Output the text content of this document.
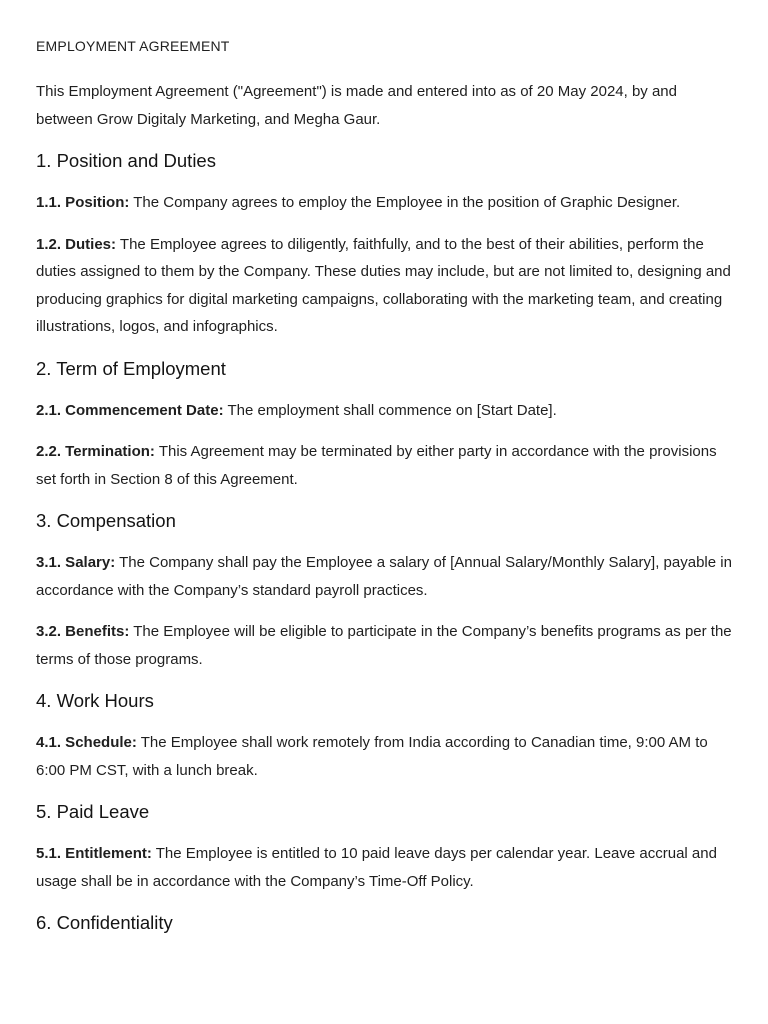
EMPLOYMENT AGREEMENT

This Employment Agreement ("Agreement") is made and entered into as of 20 May 2024, by and between Grow Digitaly Marketing, and Megha Gaur.

1. Position and Duties

1.1. Position: The Company agrees to employ the Employee in the position of Graphic Designer.

1.2. Duties: The Employee agrees to diligently, faithfully, and to the best of their abilities, perform the duties assigned to them by the Company. These duties may include, but are not limited to, designing and producing graphics for digital marketing campaigns, collaborating with the marketing team, and creating illustrations, logos, and infographics.

2. Term of Employment

2.1. Commencement Date: The employment shall commence on [Start Date].

2.2. Termination: This Agreement may be terminated by either party in accordance with the provisions set forth in Section 8 of this Agreement.

3. Compensation

3.1. Salary: The Company shall pay the Employee a salary of [Annual Salary/Monthly Salary], payable in accordance with the Company’s standard payroll practices.

3.2. Benefits: The Employee will be eligible to participate in the Company’s benefits programs as per the terms of those programs.

4. Work Hours

4.1. Schedule: The Employee shall work remotely from India according to Canadian time, 9:00 AM to 6:00 PM CST, with a lunch break.

5. Paid Leave

5.1. Entitlement: The Employee is entitled to 10 paid leave days per calendar year. Leave accrual and usage shall be in accordance with the Company’s Time-Off Policy.

6. Confidentiality
